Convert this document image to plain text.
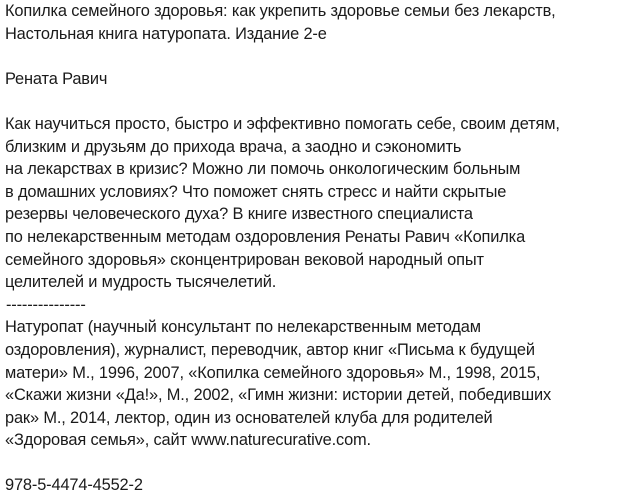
Копилка семейного здоровья: как укрепить здоровье семьи без лекарств,
Настольная книга натуропата. Издание 2-е
Рената Равич
Как научиться просто, быстро и эффективно помогать себе, своим детям,
близким и друзьям до прихода врача, а заодно и сэкономить
на лекарствах в кризис? Можно ли помочь онкологическим больным
в домашних условиях? Что поможет снять стресс и найти скрытые
резервы человеческого духа? В книге известного специалиста
по нелекарственным методам оздоровления Ренаты Равич «Копилка
семейного здоровья» сконцентрирован вековой народный опыт
целителей и мудрость тысячелетий.
---------------
Натуропат (научный консультант по нелекарственным методам
оздоровления), журналист, переводчик, автор книг «Письма к будущей
матери» М., 1996, 2007, «Копилка семейного здоровья» М., 1998, 2015,
«Скажи жизни «Да!», М., 2002, «Гимн жизни: истории детей, победивших
рак» М., 2014, лектор, один из основателей клуба для родителей
«Здоровая семья», сайт www.naturecurative.com.
978-5-4474-4552-2
